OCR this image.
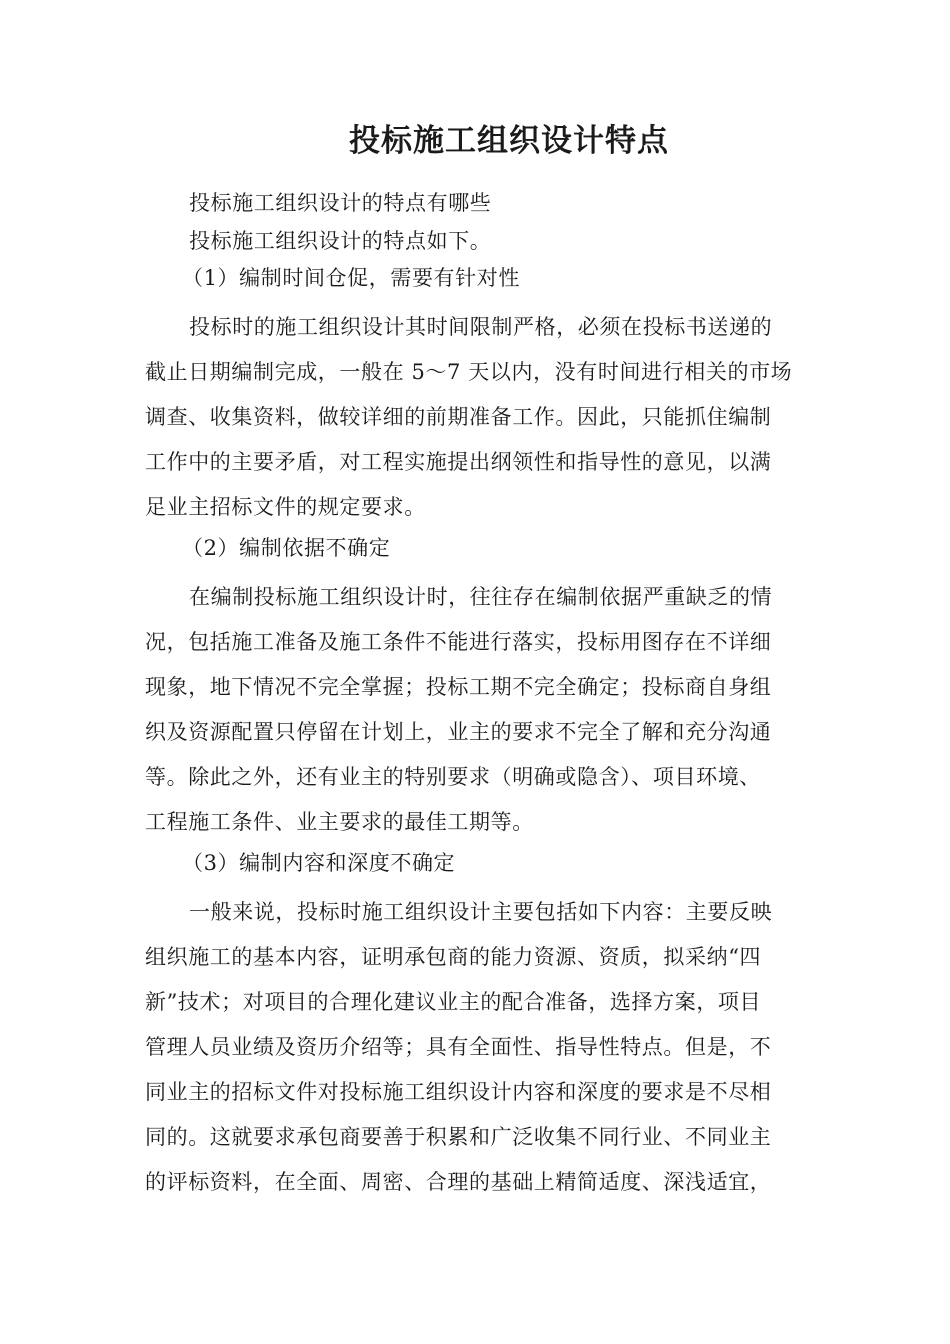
投标施工组织设计特点

投标施工组织设计的特点有哪些

投标施工组织设计的特点如下。

（1）编制时间仓促，需要有针对性

投标时的施工组织设计其时间限制严格，必须在投标书送递的

截止日期编制完成，一般在 5～7 天以内，没有时间进行相关的市场

调查、收集资料，做较详细的前期准备工作。因此，只能抓住编制

工作中的主要矛盾，对工程实施提出纲领性和指导性的意见，以满

足业主招标文件的规定要求。

（2）编制依据不确定

在编制投标施工组织设计时，往往存在编制依据严重缺乏的情

况，包括施工准备及施工条件不能进行落实，投标用图存在不详细

现象，地下情况不完全掌握；投标工期不完全确定；投标商自身组

织及资源配置只停留在计划上，业主的要求不完全了解和充分沟通

等。除此之外，还有业主的特别要求（明确或隐含）、项目环境、

工程施工条件、业主要求的最佳工期等。

（3）编制内容和深度不确定

一般来说，投标时施工组织设计主要包括如下内容：主要反映

组织施工的基本内容，证明承包商的能力资源、资质，拟采纳“四

新”技术；对项目的合理化建议业主的配合准备，选择方案，项目

管理人员业绩及资历介绍等；具有全面性、指导性特点。但是，不

同业主的招标文件对投标施工组织设计内容和深度的要求是不尽相

同的。这就要求承包商要善于积累和广泛收集不同行业、不同业主

的评标资料，在全面、周密、合理的基础上精简适度、深浅适宜，
